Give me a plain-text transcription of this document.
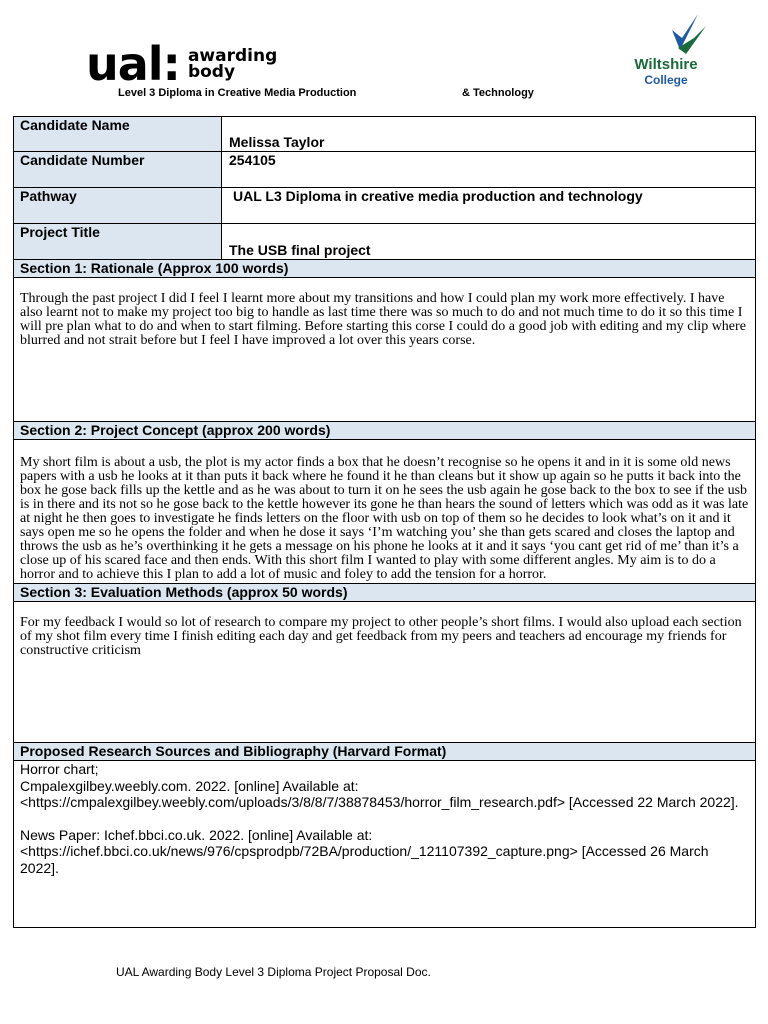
ual: awarding
body
Level 3 Diploma in Creative Media Production	& Technology
Wiltshire
College
Candidate Name	Melissa Taylor
Candidate Number	254105
Pathway	UAL L3 Diploma in creative media production and technology
Project Title	The USB final project
Section 1: Rationale (Approx 100 words)	
Through the past project I did I feel I learnt more about my transitions and how I could plan my work more effectively. I have also learnt not to make my project too big to handle as last time there was so much to do and not much time to do it so this time I will pre plan what to do and when to start filming. Before starting this corse I could do a good job with editing and my clip where blurred and not strait before but I feel I have improved a lot over this years corse.	
Section 2: Project Concept (approx 200 words)	
My short film is about a usb, the plot is my actor finds a box that he doesn’t recognise so he opens it and in it is some old news papers with a usb he looks at it than puts it back where he found it he than cleans but it show up again so he putts it back into the box he gose back fills up the kettle and as he was about to turn it on he sees the usb again he gose back to the box to see if the usb is in there and its not so he gose back to the kettle however its gone he than hears the sound of letters which was odd as it was late at night he then goes to investigate he finds letters on the floor with usb on top of them so he decides to look what’s on it and it says open me so he opens the folder and when he dose it says ‘I’m watching you’ she than gets scared and closes the laptop and throws the usb as he’s overthinking it he gets a message on his phone he looks at it and it says ‘you cant get rid of me’ than it’s a close up of his scared face and then ends. With this short film I wanted to play with some different angles. My aim is to do a horror and to achieve this I plan to add a lot of music and foley to add the tension for a horror.	
Section 3: Evaluation Methods (approx 50 words)	
For my feedback I would so lot of research to compare my project to other people’s short films. I would also upload each section of my shot film every time I finish editing each day and get feedback from my peers and teachers ad encourage my friends for constructive criticism	
Proposed Research Sources and Bibliography (Harvard Format)	

Horror chart;
Cmpalexgilbey.weebly.com. 2022. [online] Available at: <https://cmpalexgilbey.weebly.com/uploads/3/8/8/7/38878453/horror_film_research.pdf> [Accessed 22 March 2022].
News Paper: Ichef.bbci.co.uk. 2022. [online] Available at: <https://ichef.bbci.co.uk/news/976/cpsprodpb/72BA/production/_121107392_capture.png> [Accessed 26 March 2022].	
UAL Awarding Body Level 3 Diploma Project Proposal Doc.
